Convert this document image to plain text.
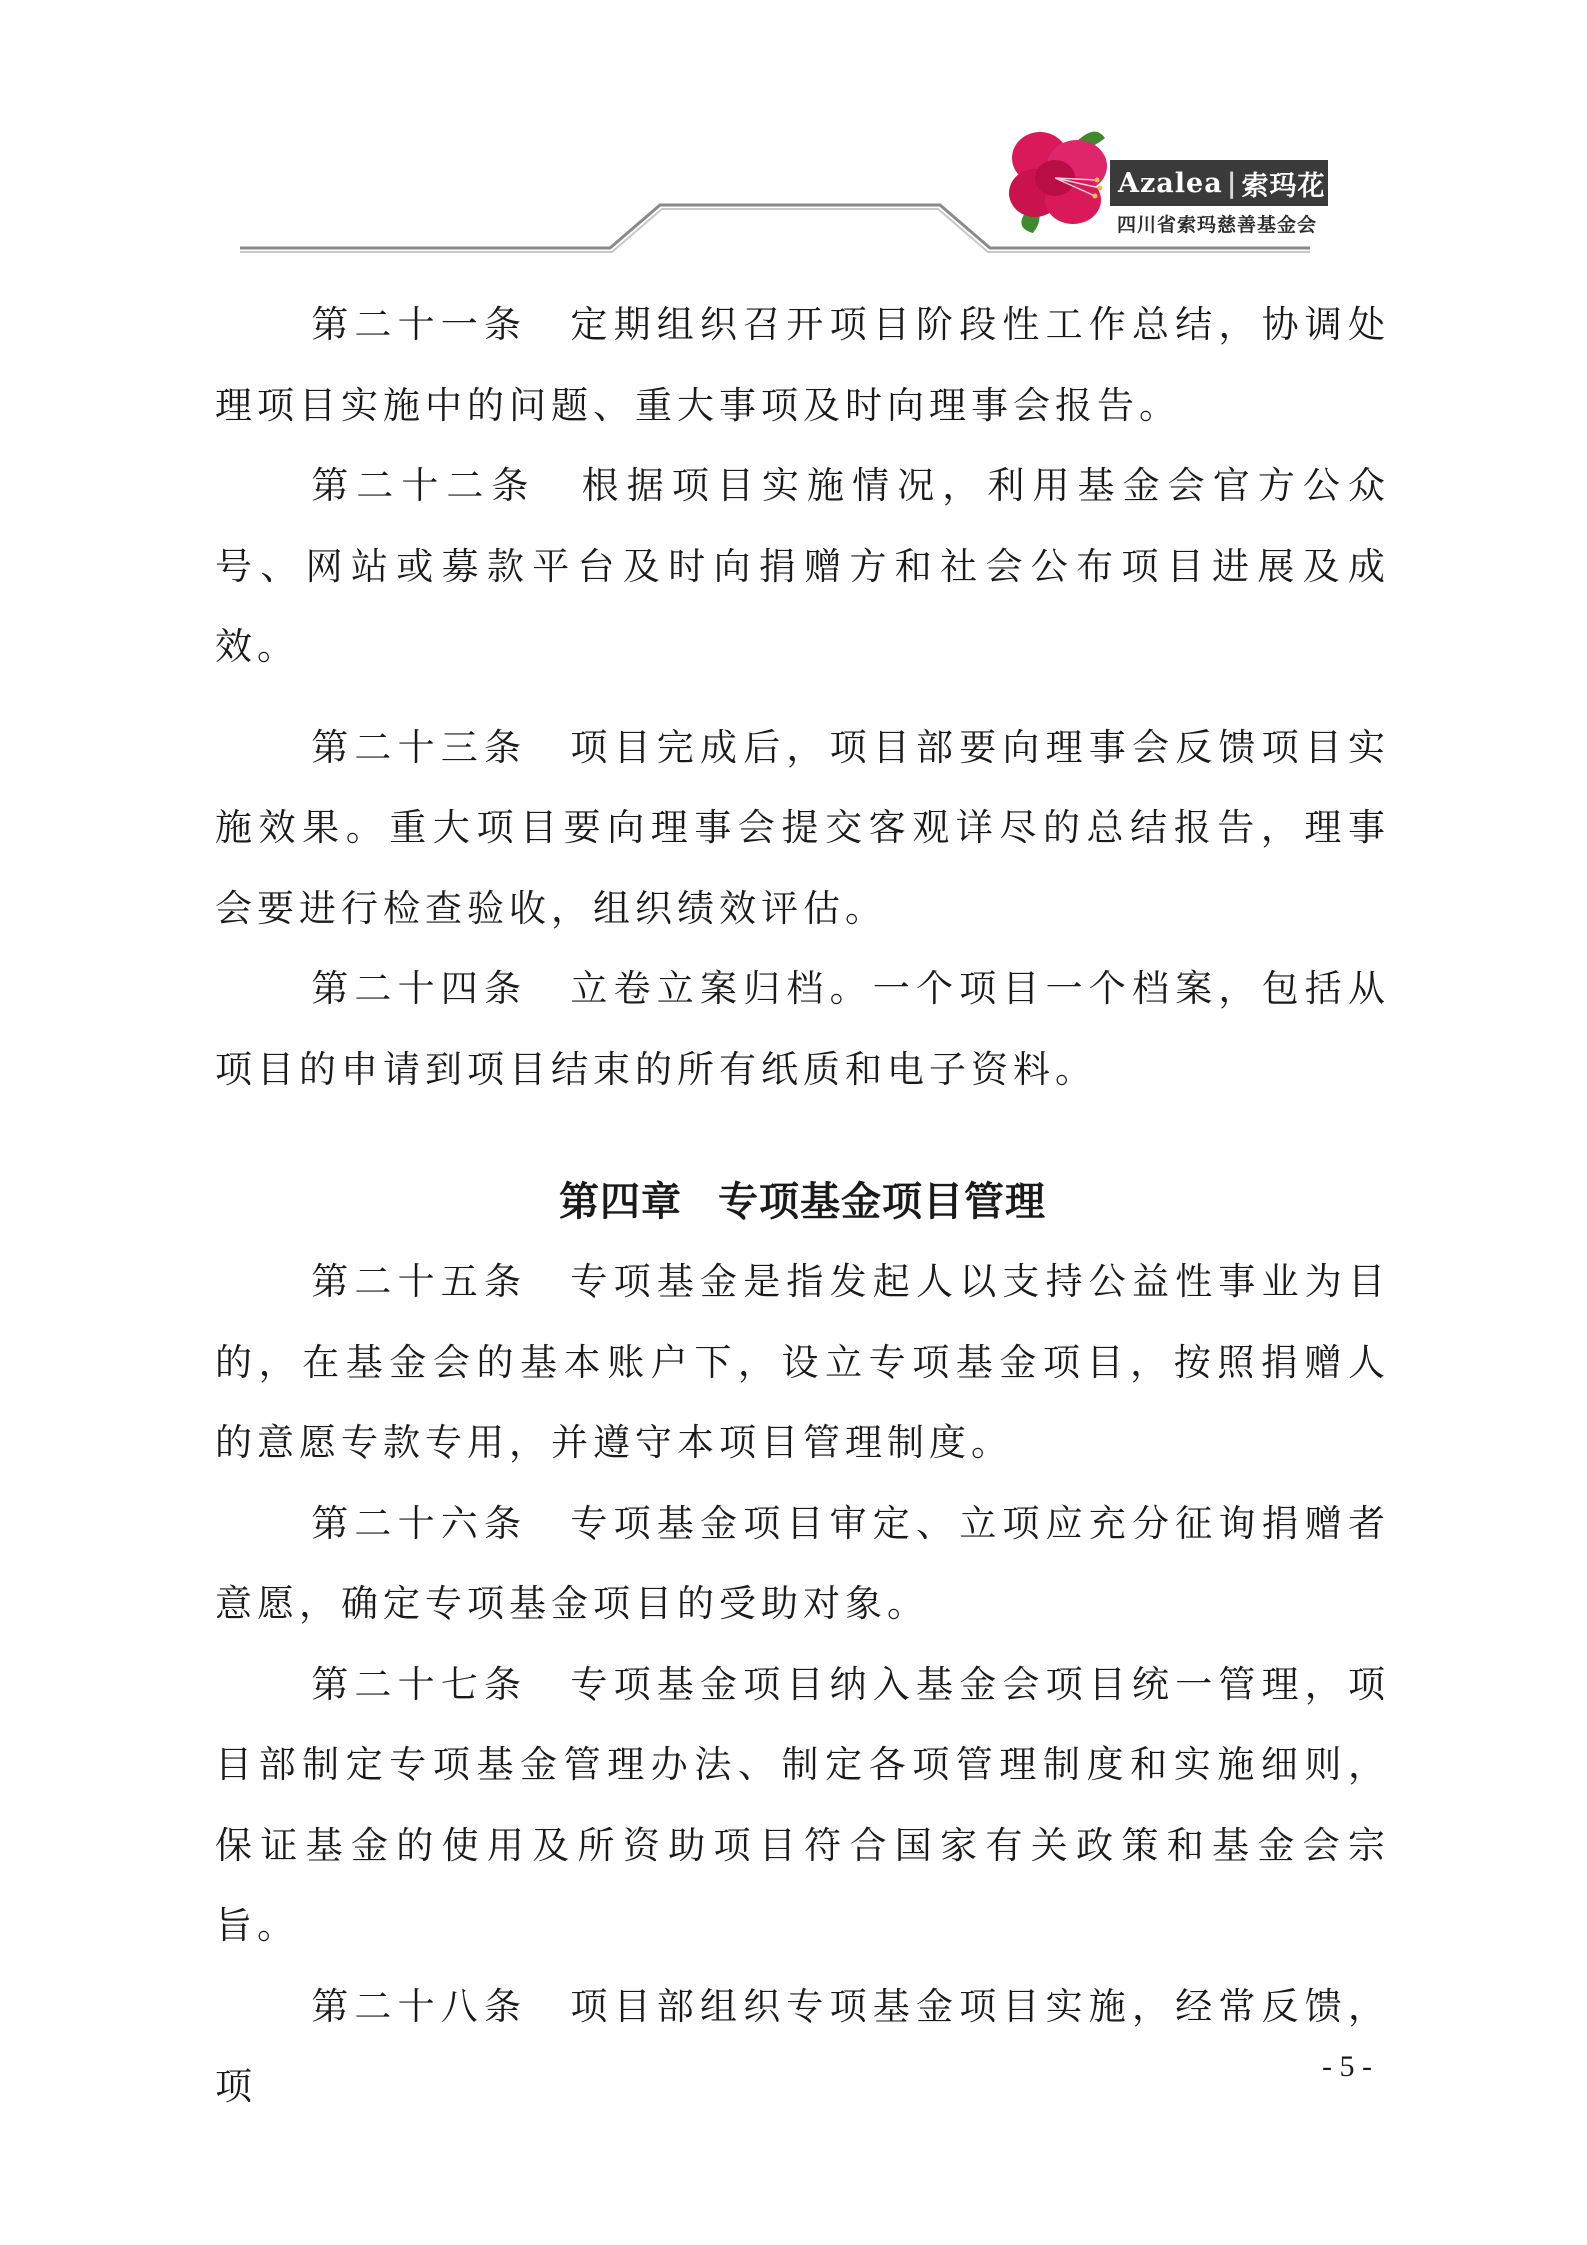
Azalea | 索玛花
四川省索玛慈善基金会

第二十一条　定期组织召开项目阶段性工作总结，协调处理项目实施中的问题、重大事项及时向理事会报告。

第二十二条　根据项目实施情况，利用基金会官方公众号、网站或募款平台及时向捐赠方和社会公布项目进展及成效。

第二十三条　项目完成后，项目部要向理事会反馈项目实施效果。重大项目要向理事会提交客观详尽的总结报告，理事会要进行检查验收，组织绩效评估。

第二十四条　立卷立案归档。一个项目一个档案，包括从项目的申请到项目结束的所有纸质和电子资料。

第四章 专项基金项目管理

第二十五条　专项基金是指发起人以支持公益性事业为目的，在基金会的基本账户下，设立专项基金项目，按照捐赠人的意愿专款专用，并遵守本项目管理制度。

第二十六条　专项基金项目审定、立项应充分征询捐赠者意愿，确定专项基金项目的受助对象。

第二十七条　专项基金项目纳入基金会项目统一管理，项目部制定专项基金管理办法、制定各项管理制度和实施细则，保证基金的使用及所资助项目符合国家有关政策和基金会宗旨。

第二十八条　项目部组织专项基金项目实施，经常反馈，项	- 5 -
